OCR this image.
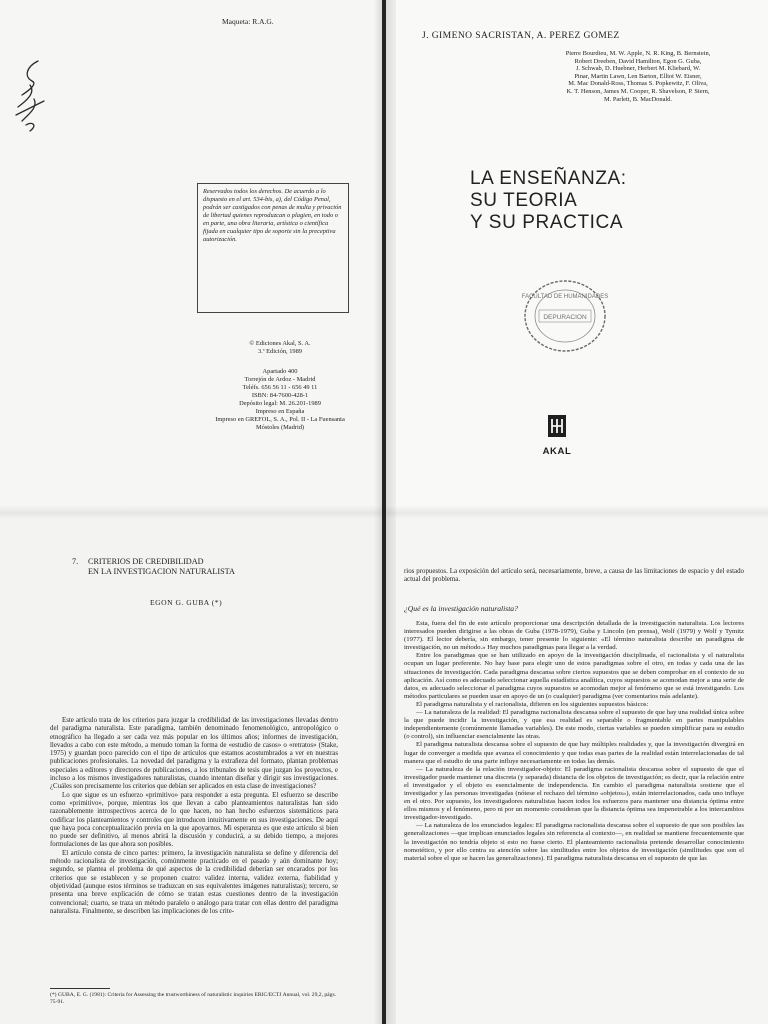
Maqueta: R.A.G.
Reservados todos los derechos. De acuerdo a lo dispuesto en el art. 534-bis, a), del Código Penal, podrán ser castigados con penas de multa y privación de libertad quienes reproduzcan o plagien, en todo o en parte, una obra literaria, artística o científica fijada en cualquier tipo de soporte sin la preceptiva autorización.
© Ediciones Akal, S. A.
3.ª Edición, 1989
Apartado 400
Torrejón de Ardoz - Madrid
Teléfs. 656 56 11 - 656 49 11
ISBN: 84-7600-428-1
Depósito legal: M. 26.201-1989
Impreso en España
Impreso en GREFOL, S. A., Pol. II - La Fuensanta
Móstoles (Madrid)
J. GIMENO SACRISTAN, A. PEREZ GOMEZ
Pierre Bourdieu, M. W. Apple, N. R. King, B. Bernstein,
Robert Dreeben, David Hamilton, Egon G. Guba,
J. Schwab, D. Huebner, Herbert M. Kliebard, W.
Pinar, Martin Lawn, Len Barton, Elliot W. Eisner,
M. Mac Donald-Ross, Thomas S. Popkewitz, F. Oliva,
K. T. Henson, James M. Cooper, R. Shavelson, P. Stern,
M. Parlett, B. MacDonald.
LA ENSEÑANZA:
SU TEORIA
Y SU PRACTICA
FACULTAD DE HUMANIDADES
DEPURACION
AKAL
7. CRITERIOS DE CREDIBILIDAD
EN LA INVESTIGACION NATURALISTA
EGON G. GUBA (*)

Este artículo trata de los criterios para juzgar la credibilidad de las investigaciones llevadas dentro del paradigma naturalista. Este paradigma, también denominado fenomenológico, antropológico o etnográfico ha llegado a ser cada vez más popular en los últimos años; informes de investigación, llevados a cabo con este método, a menudo toman la forma de «estudio de casos» o «retratos» (Stake, 1975) y guardan poco parecido con el tipo de artículos que estamos acostumbrados a ver en nuestras publicaciones profesionales. La novedad del paradigma y la extrañeza del formato, plantan problemas especiales a editores y directores de publicaciones, a los tribunales de tesis que juzgan los proyectos, e incluso a los mismos investigadores naturalistas, cuando intentan diseñar y dirigir sus investigaciones. ¿Cuáles son precisamente los criterios que debían ser aplicados en esta clase de investigaciones?

Lo que sigue es un esfuerzo «primitivo» para responder a esta pregunta. El esfuerzo se describe como «primitivo», porque, mientras los que llevan a cabo planteamientos naturalistas han sido razonablemente introspectivos acerca de lo que hacen, no han hecho esfuerzos sistemáticos para codificar los planteamientos y controles que introducen intuitivamente en sus investigaciones. De aquí que haya poca conceptualización previa en la que apoyarnos. Mi esperanza es que este artículo si bien no puede ser definitivo, al menos abrirá la discusión y conducirá, a su debido tiempo, a mejores formulaciones de las que ahora son posibles.

El artículo consta de cinco partes: primero, la investigación naturalista se define y diferencia del método racionalista de investigación, comúnmente practicado en el pasado y aún dominante hoy; segundo, se plantea el problema de qué aspectos de la credibilidad deberían ser encarados por los criterios que se establecen y se proponen cuatro: validez interna, validez externa, fiabilidad y objetividad (aunque estos términos se traduzcan en sus equivalentes imágenes naturalistas); tercero, se presenta una breve explicación de cómo se tratan estas cuestiones dentro de la investigación convencional; cuarto, se traza un método paralelo o análogo para tratar con ellas dentro del paradigma naturalista. Finalmente, se describen las implicaciones de los crite-

(*) GUBA, E. G. (1981): Criteria for Assessing the trustworthiness of naturalistic inquiries ERIC/ECTJ Annual, vol. 29,2, págs. 75-91.
rios propuestos. La exposición del artículo será, necesariamente, breve, a causa de las limitaciones de espacio y del estado actual del problema.
¿Qué es la investigación naturalista?

Esta, fuera del fin de este artículo proporcionar una descripción detallada de la investigación naturalista. Los lectores interesados pueden dirigirse a las obras de Guba (1978-1979), Guba y Lincoln (en prensa), Wolf (1979) y Wolf y Tymitz (1977). El lector debería, sin embargo, tener presente lo siguiente: «El término naturalista describe un paradigma de investigación, no un método.» Hay muchos paradigmas para llegar a la verdad.

Entre los paradigmas que se han utilizado en apoyo de la investigación disciplinada, el racionalista y el naturalista ocupan un lugar preferente. No hay base para elegir uno de estos paradigmas sobre el otro, en todas y cada una de las situaciones de investigación. Cada paradigma descansa sobre ciertos supuestos que se deben comprobar en el contexto de su aplicación. Así como es adecuado seleccionar aquella estadística analítica, cuyos supuestos se acomodan mejor a una serie de datos, es adecuado seleccionar el paradigma cuyos supuestos se acomodan mejor al fenómeno que se está investigando. Los métodos particulares se pueden usar en apoyo de un (o cualquier) paradigma (ver comentarios más adelante).

El paradigma naturalista y el racionalista, difieren en los siguientes supuestos básicos:

— La naturaleza de la realidad: El paradigma racionalista descansa sobre el supuesto de que hay una realidad única sobre la que puede incidir la investigación, y que esa realidad es separable o fragmentable en partes manipulables independientemente (comúnmente llamadas variables). De este modo, ciertas variables se pueden simplificar para su estudio (o control), sin influenciar esencialmente las otras.

El paradigma naturalista descansa sobre el supuesto de que hay múltiples realidades y, que la investigación divergirá en lugar de converger a medida que avanza el conocimiento y que todas esas partes de la realidad están interrelacionadas de tal manera que el estudio de una parte influye necesariamente en todas las demás.

— La naturaleza de la relación investigador-objeto: El paradigma racionalista descansa sobre el supuesto de que el investigador puede mantener una discreta (y separada) distancia de los objetos de investigación; es decir, que la relación entre el investigador y el objeto es esencialmente de independencia. En cambio el paradigma naturalista sostiene que el investigador y las personas investigadas (nótese el rechazo del término «objetos»), están interrelacionados, cada uno influye en el otro. Por supuesto, los investigadores naturalistas hacen todos los esfuerzos para mantener una distancia óptima entre ellos mismos y el fenómeno, pero ni por un momento consideran que la distancia óptima sea impenetrable a los intercambios investigador-investigado.

— La naturaleza de los enunciados legales: El paradigma racionalista descansa sobre el supuesto de que son posibles las generalizaciones —que implican enunciados legales sin referencia al contexto—, en realidad se mantiene frecuentemente que la investigación no tendría objeto si esto no fuese cierto. El planteamiento racionalista pretende desarrollar conocimiento nomotético, y por ello centra su atención sobre las similitudes entre los objetos de investigación (similitudes que son el material sobre el que se hacen las generalizaciones). El paradigma naturalista descansa en el supuesto de que las
